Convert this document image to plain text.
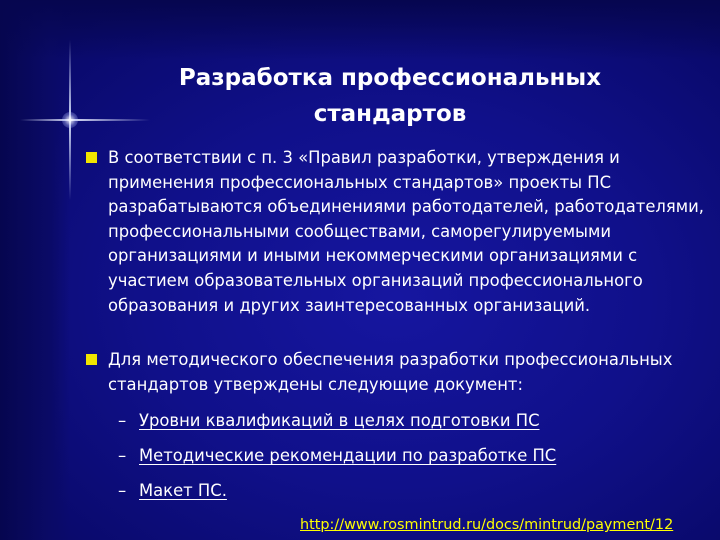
Разработка профессиональных
стандартов
В соответствии с п. 3 «Правил разработки, утверждения и применения профессиональных стандартов» проекты ПС разрабатываются объединениями работодателей, работодателями, профессиональными сообществами, саморегулируемыми организациями и иными некоммерческими организациями с участием образовательных организаций профессионального образования и других заинтересованных организаций.
Для методического обеспечения разработки профессиональных стандартов утверждены следующие документ:
– Уровни квалификаций в целях подготовки ПС
– Методические рекомендации по разработке ПС
– Макет ПС.
http://www.rosmintrud.ru/docs/mintrud/payment/12
